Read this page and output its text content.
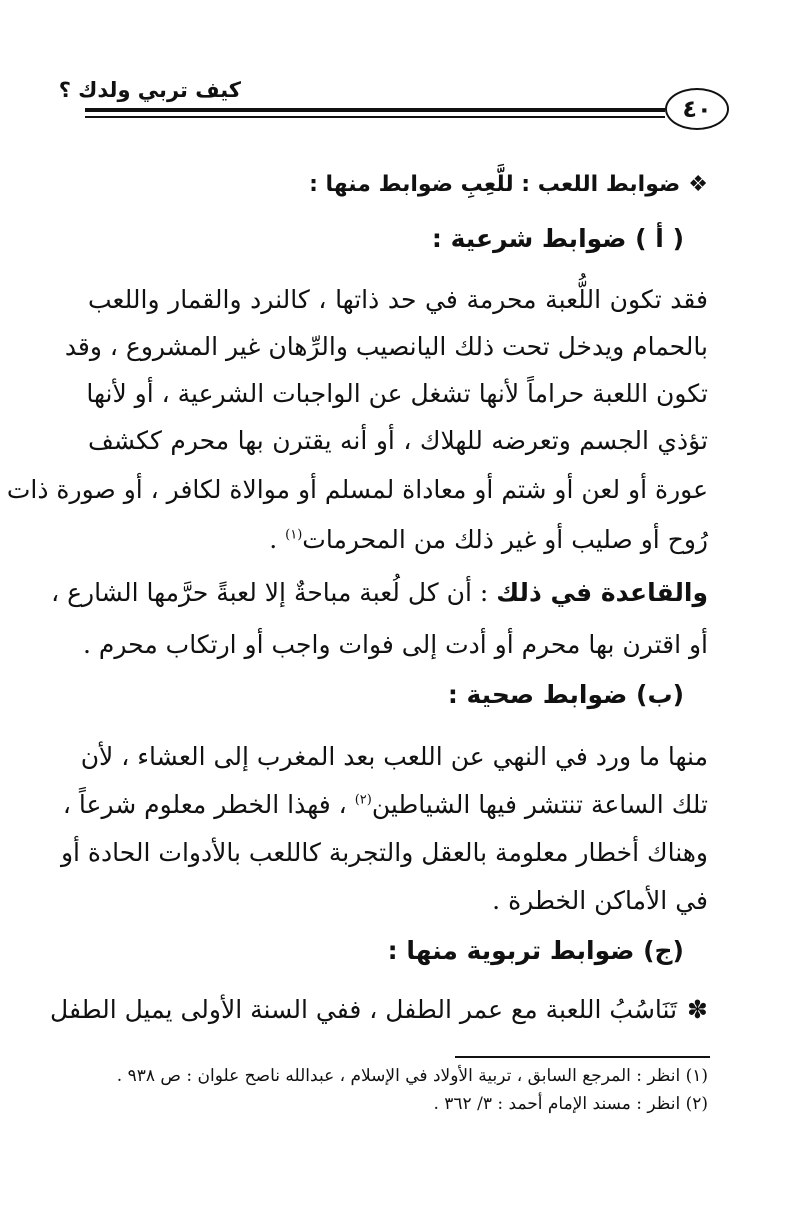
كيف تربي ولدك ؟
٤٠
❖ضوابط اللعب : للَّعِبِ ضوابط منها :
( أ ) ضوابط شرعية :
فقد تكون اللُّعبة محرمة في حد ذاتها ، كالنرد والقمار واللعب
بالحمام ويدخل تحت ذلك اليانصيب والرِّهان غير المشروع ، وقد
تكون اللعبة حراماً لأنها تشغل عن الواجبات الشرعية ، أو لأنها
تؤذي الجسم وتعرضه للهلاك ، أو أنه يقترن بها محرم ككشف
عورة أو لعن أو شتم أو معاداة لمسلم أو موالاة لكافر ، أو صورة ذات
رُوح أو صليب أو غير ذلك من المحرمات$^{(١)}$ .
والقاعدة في ذلك : أن كل لُعبة مباحةٌ إلا لعبةً حرَّمها الشارع ،
أو اقترن بها محرم أو أدت إلى فوات واجب أو ارتكاب محرم .
(ب) ضوابط صحية :
منها ما ورد في النهي عن اللعب بعد المغرب إلى العشاء ، لأن
تلك الساعة تنتشر فيها الشياطين$^{(٢)}$ ، فهذا الخطر معلوم شرعاً ،
وهناك أخطار معلومة بالعقل والتجربة كاللعب بالأدوات الحادة أو
في الأماكن الخطرة .
(ج) ضوابط تربوية منها :
✽تَنَاسُبُ اللعبة مع عمر الطفل ، ففي السنة الأولى يميل الطفل
(١) انظر : المرجع السابق ، تربية الأولاد في الإسلام ، عبدالله ناصح علوان : ص ٩٣٨ .
(٢) انظر : مسند الإمام أحمد : ٣/ ٣٦٢ .
